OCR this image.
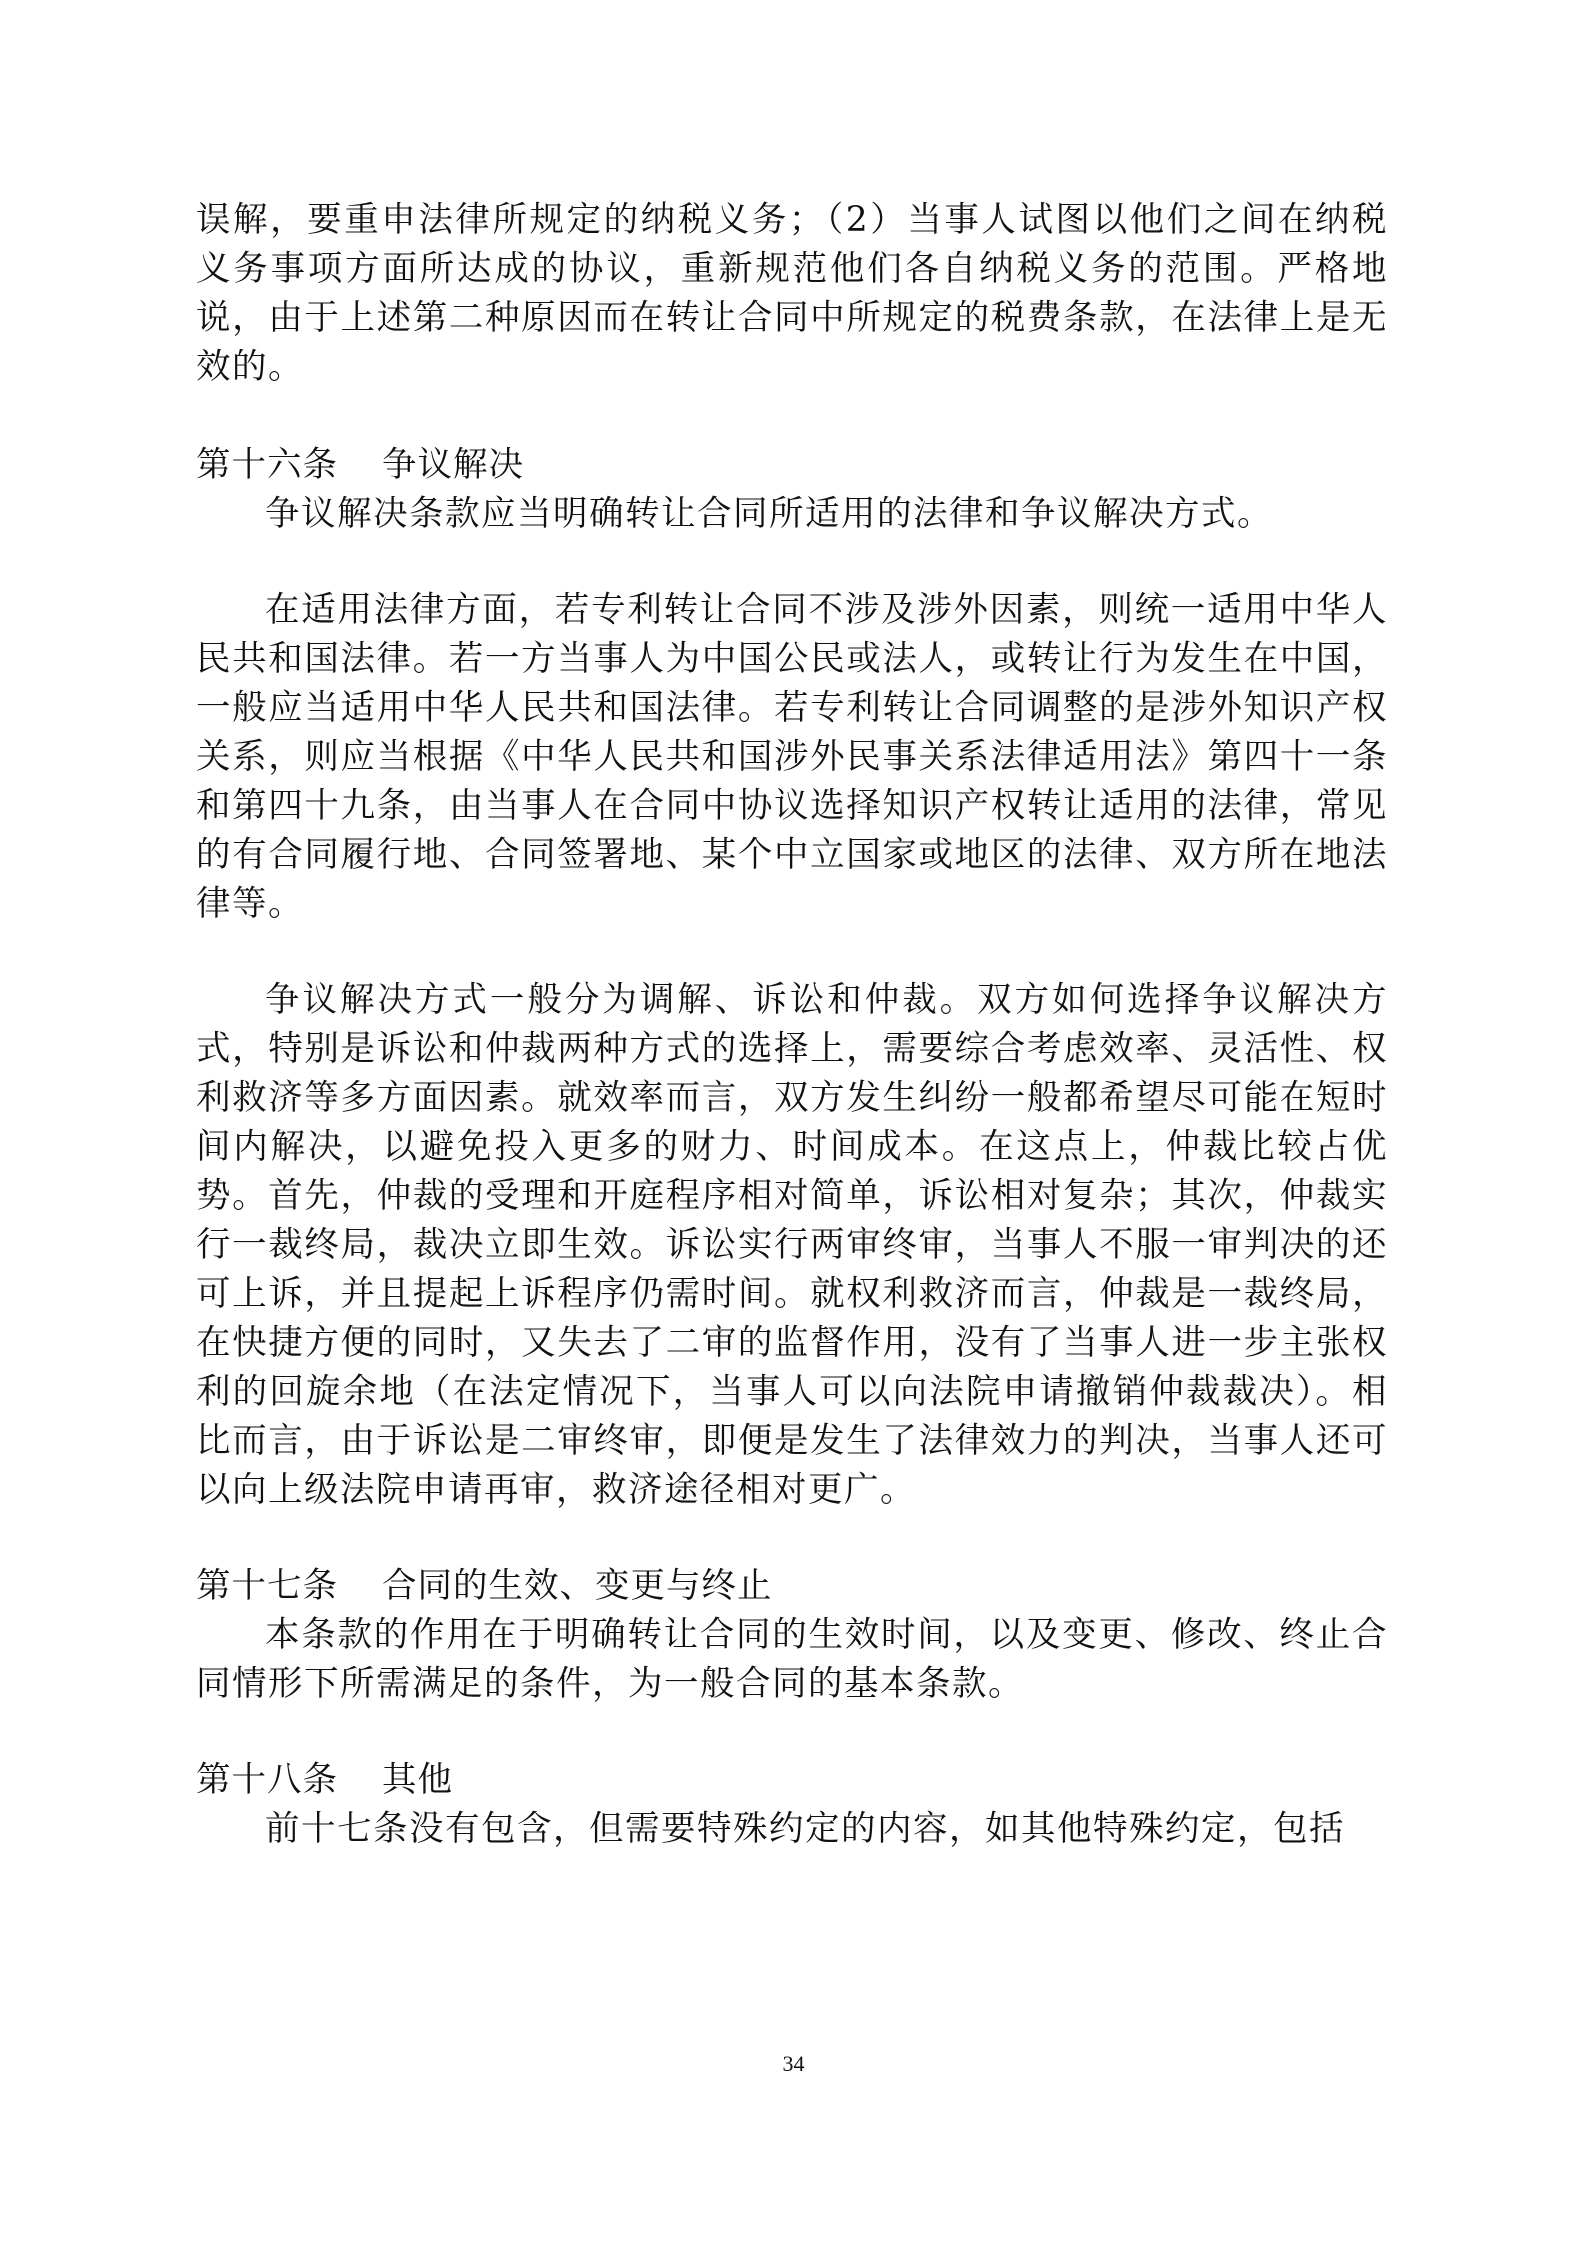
误解，要重申法律所规定的纳税义务；（2）当事人试图以他们之间在纳税义务事项方面所达成的协议，重新规范他们各自纳税义务的范围。严格地说，由于上述第二种原因而在转让合同中所规定的税费条款，在法律上是无效的。

第十六条 争议解决

争议解决条款应当明确转让合同所适用的法律和争议解决方式。

在适用法律方面，若专利转让合同不涉及涉外因素，则统一适用中华人民共和国法律。若一方当事人为中国公民或法人，或转让行为发生在中国，一般应当适用中华人民共和国法律。若专利转让合同调整的是涉外知识产权关系，则应当根据《中华人民共和国涉外民事关系法律适用法》第四十一条和第四十九条，由当事人在合同中协议选择知识产权转让适用的法律，常见的有合同履行地、合同签署地、某个中立国家或地区的法律、双方所在地法律等。

争议解决方式一般分为调解、诉讼和仲裁。双方如何选择争议解决方式，特别是诉讼和仲裁两种方式的选择上，需要综合考虑效率、灵活性、权利救济等多方面因素。就效率而言，双方发生纠纷一般都希望尽可能在短时间内解决，以避免投入更多的财力、时间成本。在这点上，仲裁比较占优势。首先，仲裁的受理和开庭程序相对简单，诉讼相对复杂；其次，仲裁实行一裁终局，裁决立即生效。诉讼实行两审终审，当事人不服一审判决的还可上诉，并且提起上诉程序仍需时间。就权利救济而言，仲裁是一裁终局，在快捷方便的同时，又失去了二审的监督作用，没有了当事人进一步主张权利的回旋余地（在法定情况下，当事人可以向法院申请撤销仲裁裁决）。相比而言，由于诉讼是二审终审，即便是发生了法律效力的判决，当事人还可以向上级法院申请再审，救济途径相对更广。

第十七条 合同的生效、变更与终止

本条款的作用在于明确转让合同的生效时间，以及变更、修改、终止合同情形下所需满足的条件，为一般合同的基本条款。

第十八条 其他

前十七条没有包含，但需要特殊约定的内容，如其他特殊约定，包括

34
